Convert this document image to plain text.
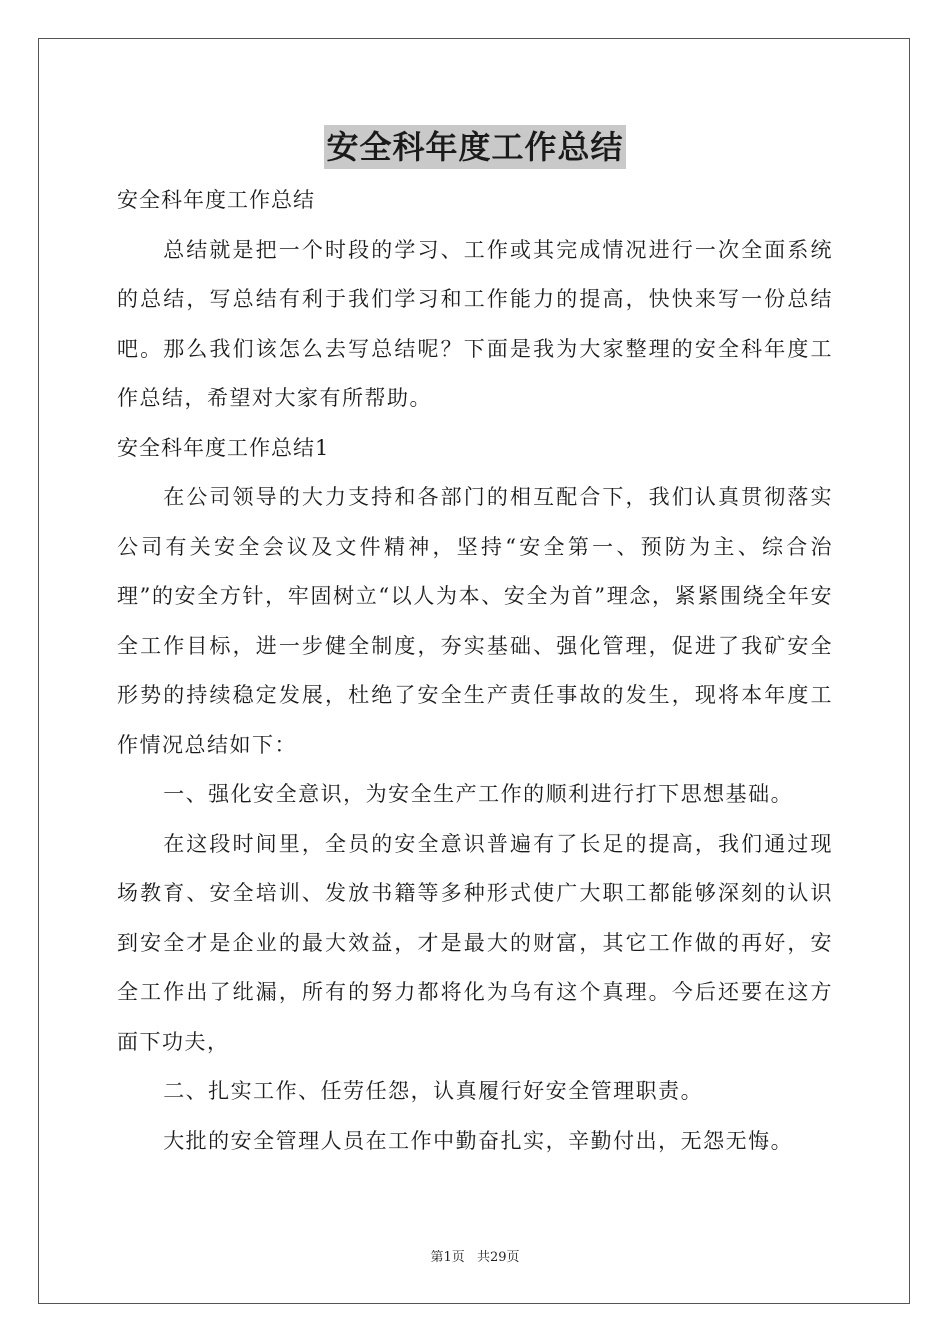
安全科年度工作总结

安全科年度工作总结

总结就是把一个时段的学习、工作或其完成情况进行一次全面系统的总结，写总结有利于我们学习和工作能力的提高，快快来写一份总结吧。那么我们该怎么去写总结呢？下面是我为大家整理的安全科年度工作总结，希望对大家有所帮助。

安全科年度工作总结1

在公司领导的大力支持和各部门的相互配合下，我们认真贯彻落实公司有关安全会议及文件精神，坚持“安全第一、预防为主、综合治理”的安全方针，牢固树立“以人为本、安全为首”理念，紧紧围绕全年安全工作目标，进一步健全制度，夯实基础、强化管理，促进了我矿安全形势的持续稳定发展，杜绝了安全生产责任事故的发生，现将本年度工作情况总结如下：

一、强化安全意识，为安全生产工作的顺利进行打下思想基础。

在这段时间里，全员的安全意识普遍有了长足的提高，我们通过现场教育、安全培训、发放书籍等多种形式使广大职工都能够深刻的认识到安全才是企业的最大效益，才是最大的财富，其它工作做的再好，安全工作出了纰漏，所有的努力都将化为乌有这个真理。今后还要在这方面下功夫，

二、扎实工作、任劳任怨，认真履行好安全管理职责。

大批的安全管理人员在工作中勤奋扎实，辛勤付出，无怨无悔。

第1页 共29页
